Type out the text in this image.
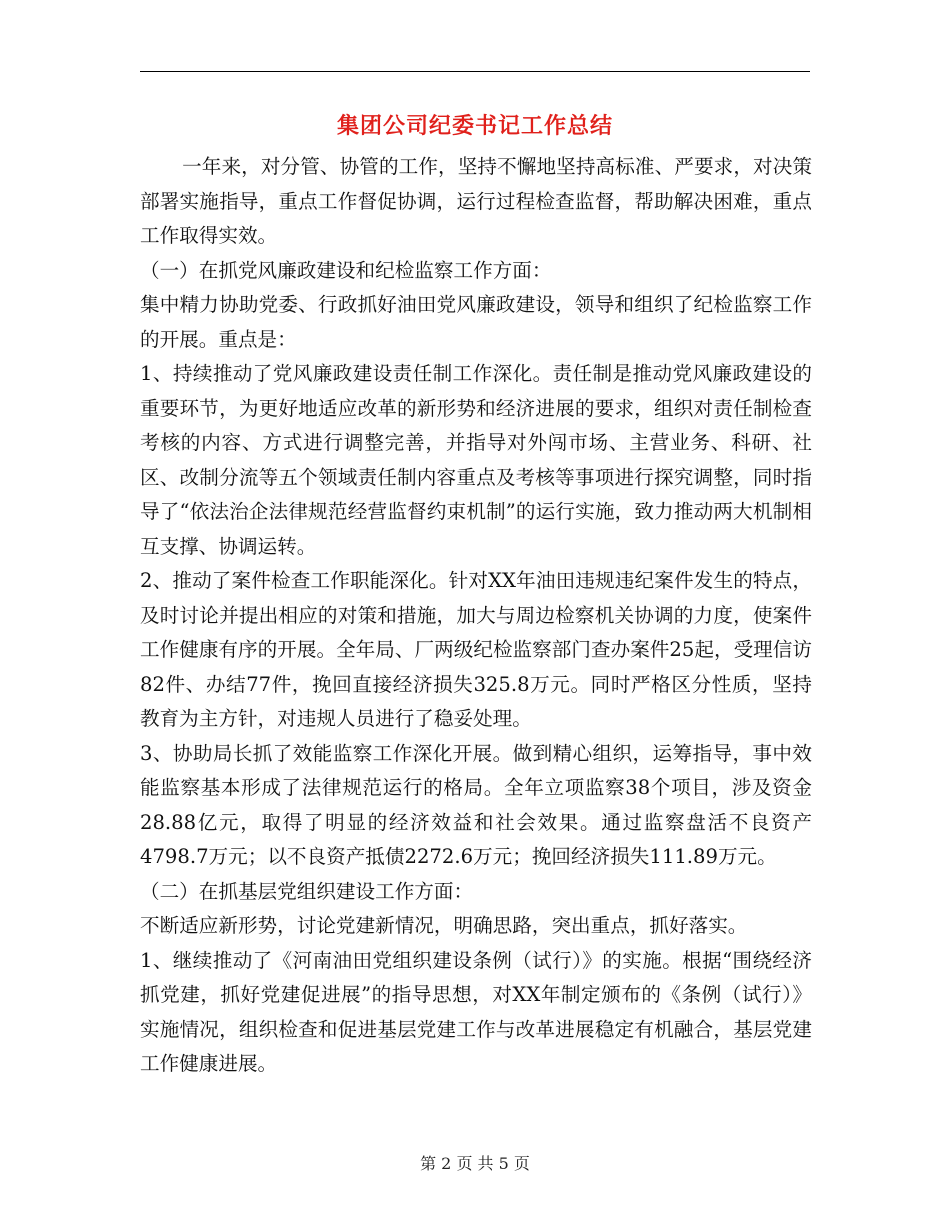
集团公司纪委书记工作总结

一年来，对分管、协管的工作，坚持不懈地坚持高标准、严要求，对决策部署实施指导，重点工作督促协调，运行过程检查监督，帮助解决困难，重点工作取得实效。

（一）在抓党风廉政建设和纪检监察工作方面：

集中精力协助党委、行政抓好油田党风廉政建设，领导和组织了纪检监察工作的开展。重点是：

1、持续推动了党风廉政建设责任制工作深化。责任制是推动党风廉政建设的重要环节，为更好地适应改革的新形势和经济进展的要求，组织对责任制检查考核的内容、方式进行调整完善，并指导对外闯市场、主营业务、科研、社区、改制分流等五个领域责任制内容重点及考核等事项进行探究调整，同时指导了“依法治企法律规范经营监督约束机制”的运行实施，致力推动两大机制相互支撑、协调运转。

2、推动了案件检查工作职能深化。针对XX年油田违规违纪案件发生的特点，及时讨论并提出相应的对策和措施，加大与周边检察机关协调的力度，使案件工作健康有序的开展。全年局、厂两级纪检监察部门查办案件25起，受理信访82件、办结77件，挽回直接经济损失325.8万元。同时严格区分性质，坚持教育为主方针，对违规人员进行了稳妥处理。

3、协助局长抓了效能监察工作深化开展。做到精心组织，运筹指导，事中效能监察基本形成了法律规范运行的格局。全年立项监察38个项目，涉及资金28.88亿元，取得了明显的经济效益和社会效果。通过监察盘活不良资产4798.7万元；以不良资产抵债2272.6万元；挽回经济损失111.89万元。

（二）在抓基层党组织建设工作方面：

不断适应新形势，讨论党建新情况，明确思路，突出重点，抓好落实。

1、继续推动了《河南油田党组织建设条例（试行）》的实施。根据“围绕经济抓党建，抓好党建促进展”的指导思想，对XX年制定颁布的《条例（试行）》实施情况，组织检查和促进基层党建工作与改革进展稳定有机融合，基层党建工作健康进展。

第 2 页 共 5 页
